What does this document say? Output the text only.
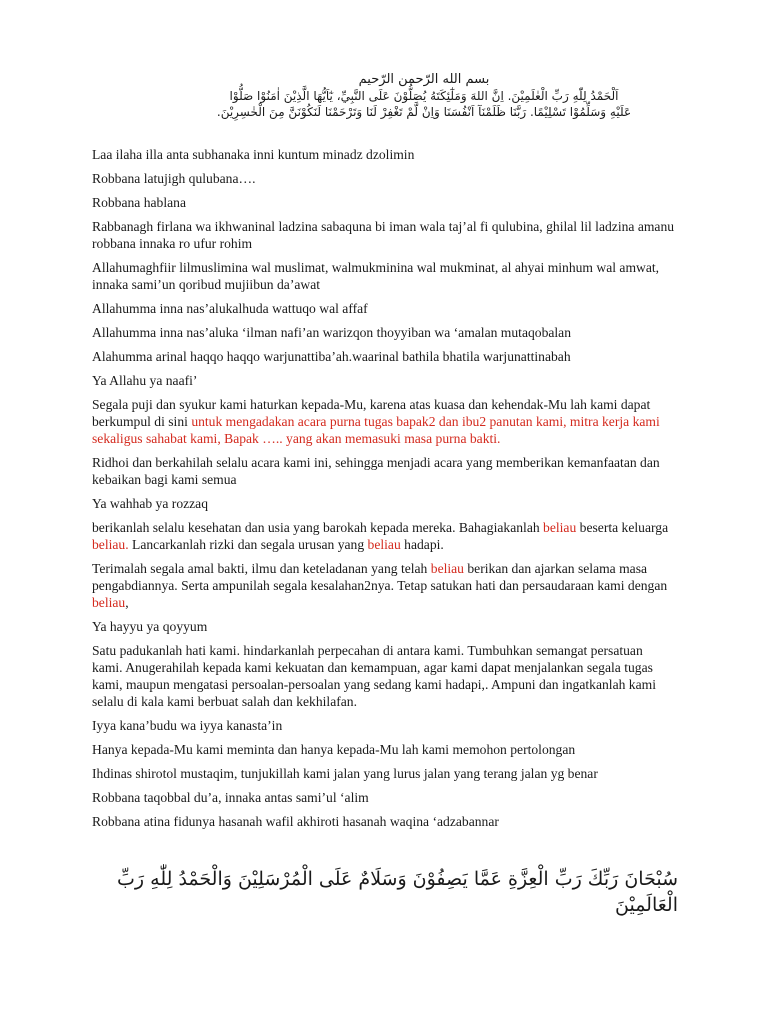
بسم الله الرّحمن الرّحيم

اَلْحَمْدُ لِلّٰهِ رَبِّ الْعٰلَمِيْنَ. اِنَّ اللهَ وَمَلٰٓئِكَتَهُ يُصَلُّوْنَ عَلَى النَّبِيِّ، يٰٓاَيُّهَا الَّذِيْنَ اٰمَنُوْا صَلُّوْا

عَلَيْهِ وَسَلِّمُوْا تَسْلِيْمًا. رَبَّنَا ظَلَمْنَآ اَنْفُسَنَا وَاِنْ لَّمْ تَغْفِرْ لَنَا وَتَرْحَمْنَا لَنَكُوْنَنَّ مِنَ الْخٰسِرِيْنَ.

Laa ilaha illa anta subhanaka inni kuntum minadz dzolimin

Robbana latujigh qulubana….

Robbana hablana

Rabbanagh firlana wa ikhwaninal ladzina sabaquna bi iman wala taj’al fi qulubina, ghilal lil ladzina amanu robbana innaka ro ufur rohim

Allahumaghfiir lilmuslimina wal muslimat, walmukminina wal mukminat, al ahyai minhum wal amwat, innaka sami’un qoribud mujiibun da’awat

Allahumma inna nas’alukalhuda wattuqo wal affaf

Allahumma inna nas’aluka ‘ilman nafi’an warizqon thoyyiban wa ‘amalan mutaqobalan

Alahumma arinal haqqo haqqo warjunattiba’ah.waarinal bathila bhatila warjunattinabah

Ya Allahu ya naafi’

Segala puji dan syukur kami haturkan kepada-Mu, karena atas kuasa dan kehendak-Mu lah kami dapat berkumpul di sini untuk mengadakan acara purna tugas bapak2 dan ibu2 panutan kami, mitra kerja kami sekaligus sahabat kami, Bapak ….. yang akan memasuki masa purna bakti.

Ridhoi dan berkahilah selalu acara kami ini, sehingga menjadi acara yang memberikan kemanfaatan dan kebaikan bagi kami semua

Ya wahhab ya rozzaq

berikanlah selalu kesehatan dan usia yang barokah kepada mereka. Bahagiakanlah beliau beserta keluarga beliau. Lancarkanlah rizki dan segala urusan yang beliau hadapi.

Terimalah segala amal bakti, ilmu dan keteladanan yang telah beliau berikan dan ajarkan selama masa pengabdiannya. Serta ampunilah segala kesalahan2nya. Tetap satukan hati dan persaudaraan kami dengan beliau,

Ya hayyu ya qoyyum

Satu padukanlah hati kami. hindarkanlah perpecahan di antara kami. Tumbuhkan semangat persatuan kami. Anugerahilah kepada kami kekuatan dan kemampuan, agar kami dapat menjalankan segala tugas kami, maupun mengatasi persoalan-persoalan yang sedang kami hadapi,. Ampuni dan ingatkanlah kami selalu di kala kami berbuat salah dan kekhilafan.

Iyya kana’budu wa iyya kanasta’in

Hanya kepada-Mu kami meminta dan hanya kepada-Mu lah kami memohon pertolongan

Ihdinas shirotol mustaqim, tunjukillah kami jalan yang lurus jalan yang terang jalan yg benar

Robbana taqobbal du’a, innaka antas sami’ul ‘alim

Robbana atina fidunya hasanah wafil akhiroti hasanah waqina ‘adzabannar

سُبْحَانَ رَبِّكَ رَبِّ الْعِزَّةِ عَمَّا يَصِفُوْنَ وَسَلَامٌ عَلَى الْمُرْسَلِيْنَ وَالْحَمْدُ لِلّٰهِ رَبِّ الْعَالَمِيْنَ
